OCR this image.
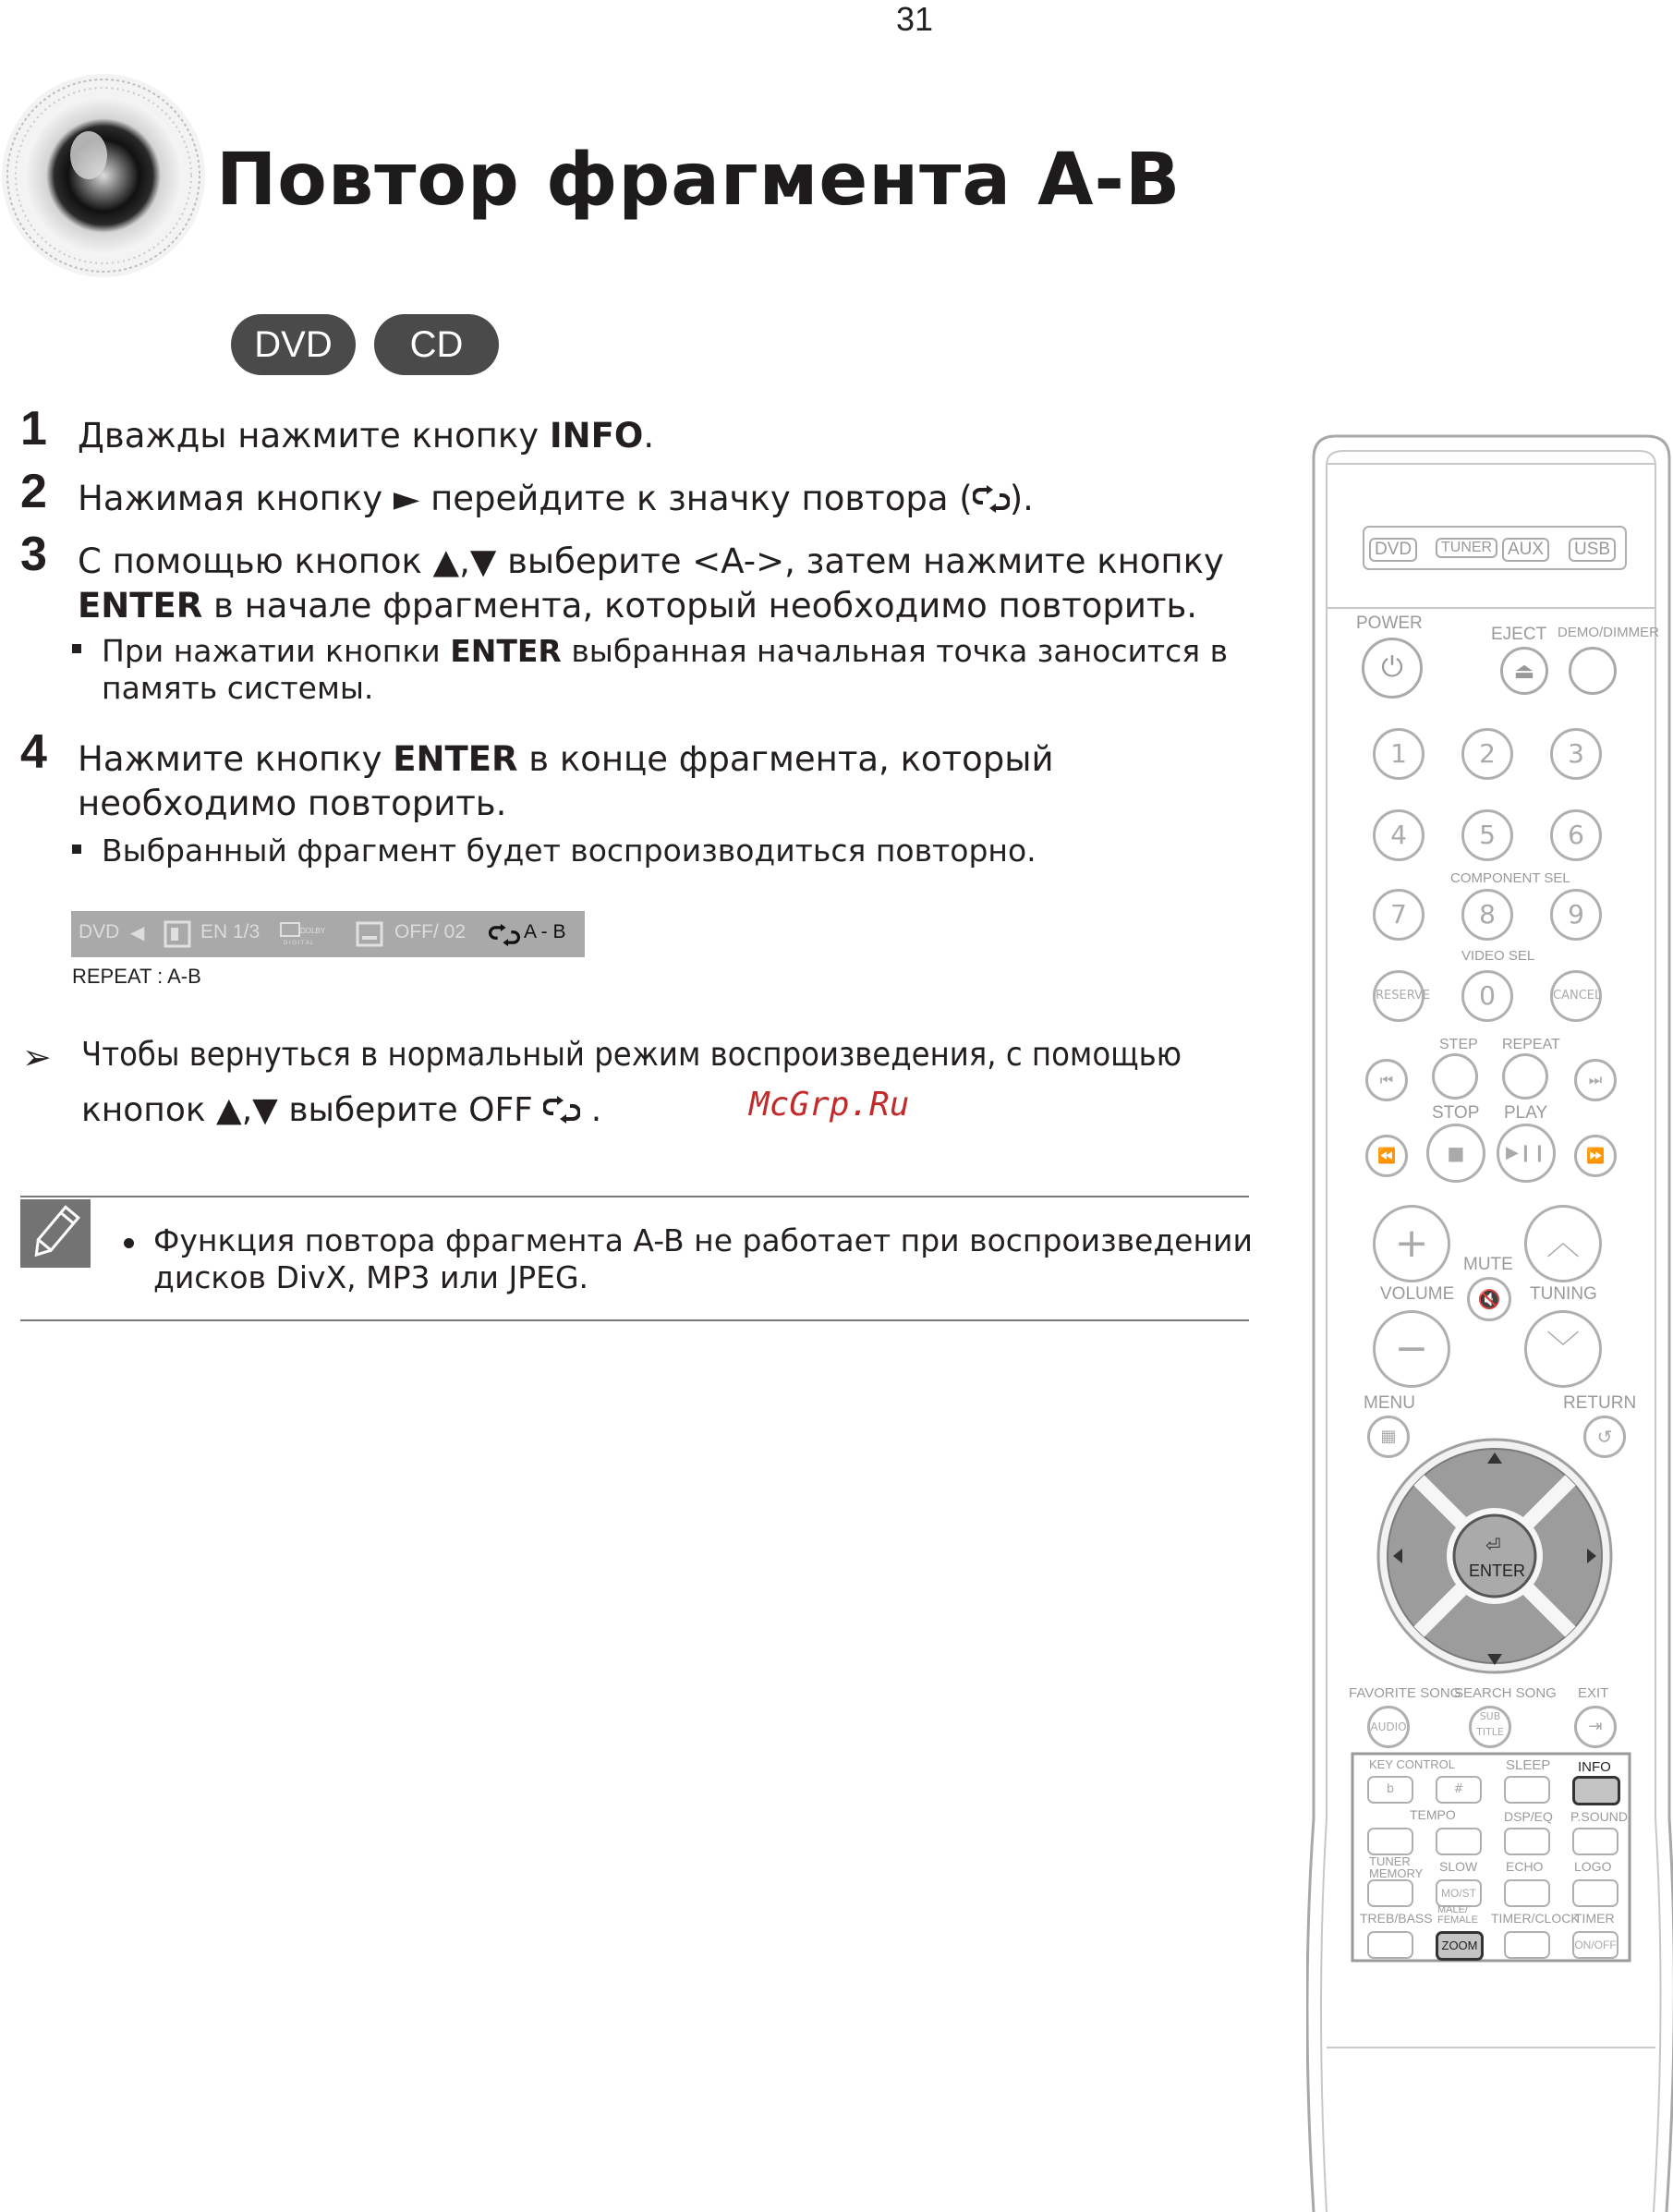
31
Повтор фрагмента A-B
DVD	CD
1 Дважды нажмите кнопку INFO.
2 Нажимая кнопку ► перейдите к значку повтора ( ).
3 С помощью кнопок ▲,▼ выберите <A->, затем нажмите кнопку
ENTER в начале фрагмента, который необходимо повторить.
При нажатии кнопки ENTER выбранная начальная точка заносится в
память системы.
4 Нажмите кнопку ENTER в конце фрагмента, который
необходимо повторить.
Выбранный фрагмент будет воспроизводиться повторно.
DVD ◀	EN 1/3	DOLBY
D I G I T A L
OFF/ 02	A - B
REPEAT : A-B
➢ Чтобы вернуться в нормальный режим воспроизведения, с помощью
кнопок ▲,▼ выберите OFF .	McGrp.Ru
Функция повтора фрагмента A-B не работает при воспроизведении
дисков DivX, MP3 или JPEG.
DVD	TUNER AUX	USB
POWER
EJECT DEMO/DIMMER
⏻	⏏
1	2	3
4	5	6
COMPONENT SEL
7	8	9
VIDEO SEL
RESERVE	0	CANCEL
STEP REPEAT
⏮	⏭
STOP PLAY
⏪	■	▶❙❙	⏩
+	︿
MUTE
🔇
VOLUME	TUNING
−	﹀
MENU	RETURN
▦	↺
⏎
ENTER
FAVORITE SONG
SEARCH SONG EXIT
AUDIO
SUB
TITLE	⇥
KEY CONTROL	SLEEP INFO
b	#
TEMPO	DSP/EQ P.SOUND
TUNER
MEMORY SLOW ECHO LOGO
MO/ST
TREB/BASS
MALE/
FEMALE TIMER/CLOCK
TIMER
ZOOM	ON/OFF
